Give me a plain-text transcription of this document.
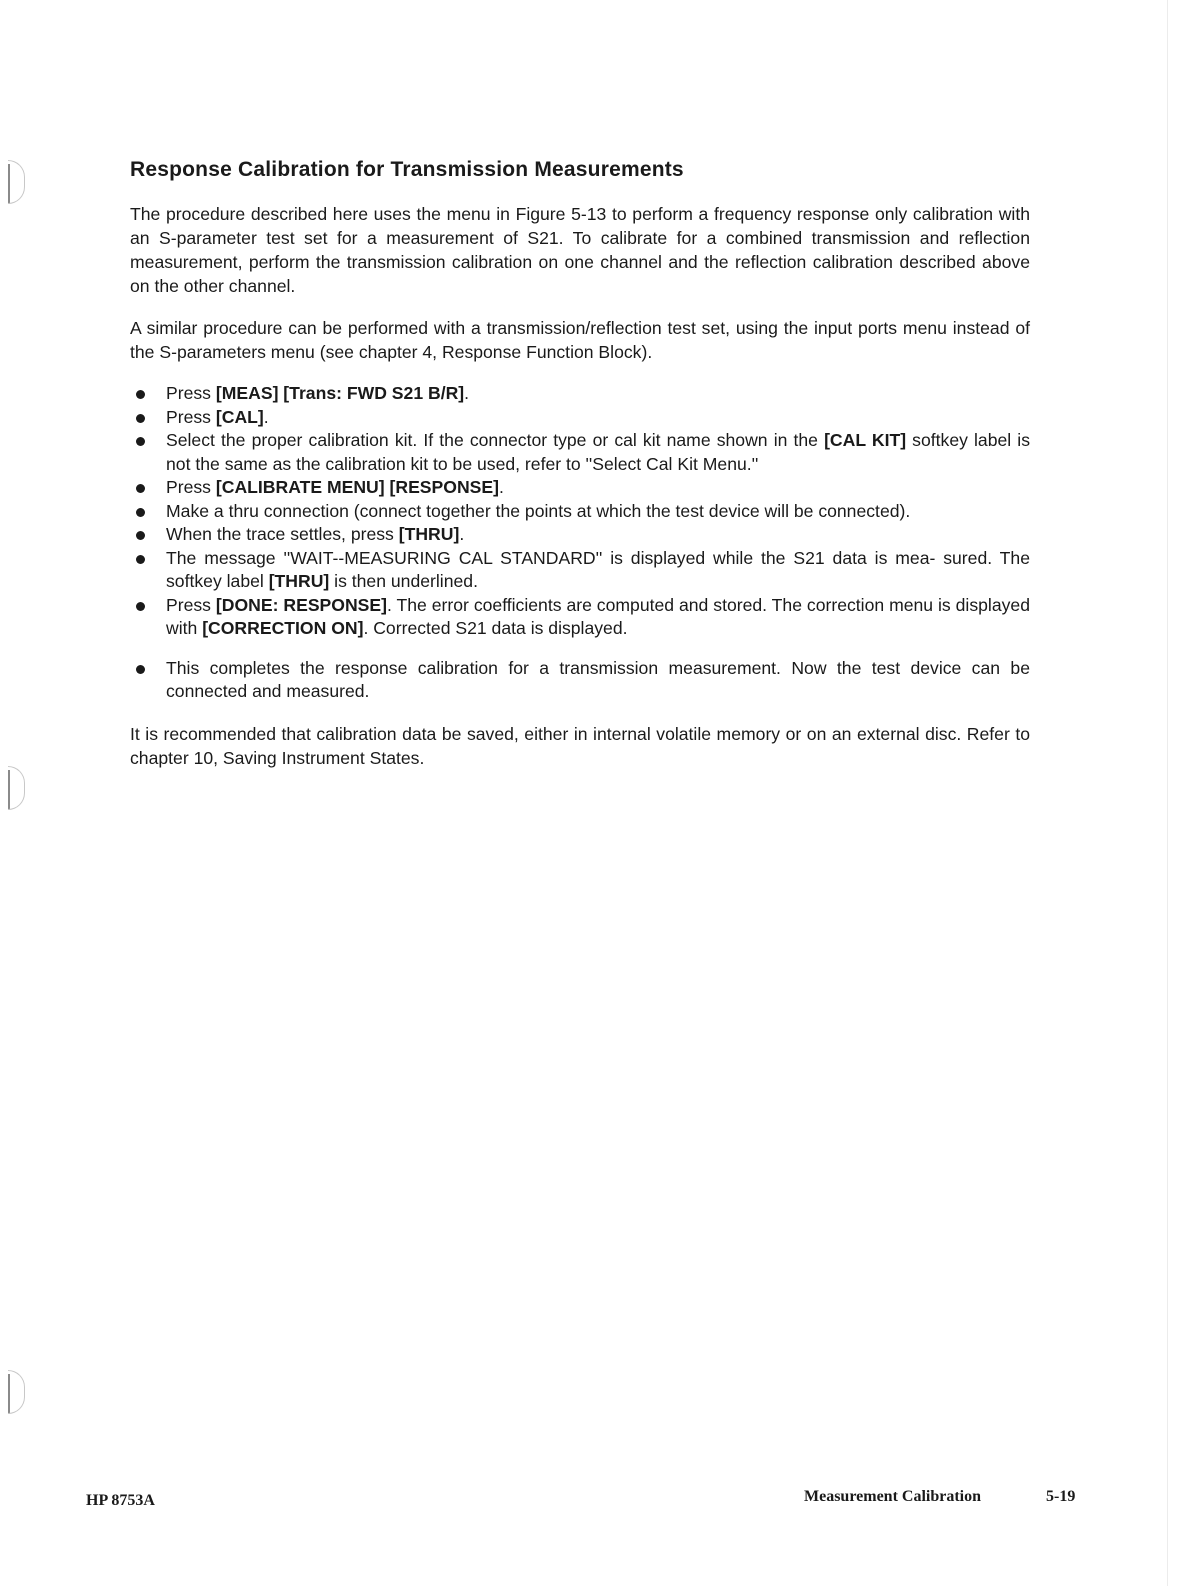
Response Calibration for Transmission Measurements

The procedure described here uses the menu in Figure 5-13 to perform a frequency response only calibration with an S-parameter test set for a measurement of S21. To calibrate for a combined transmission and reflection measurement, perform the transmission calibration on one channel and the reflection calibration described above on the other channel.

A similar procedure can be performed with a transmission/reflection test set, using the input ports menu instead of the S-parameters menu (see chapter 4, Response Function Block).

Press [MEAS] [Trans: FWD S21 B/R].
Press [CAL].
Select the proper calibration kit. If the connector type or cal kit name shown in the [CAL KIT] softkey label is not the same as the calibration kit to be used, refer to ''Select Cal Kit Menu.''
Press [CALIBRATE MENU] [RESPONSE].
Make a thru connection (connect together the points at which the test device will be connected).
When the trace settles, press [THRU].
The message ''WAIT--MEASURING CAL STANDARD'' is displayed while the S21 data is mea- sured. The softkey label [THRU] is then underlined.
Press [DONE: RESPONSE]. The error coefficients are computed and stored. The correction menu is displayed with [CORRECTION ON]. Corrected S21 data is displayed.
This completes the response calibration for a transmission measurement. Now the test device can be connected and measured.

It is recommended that calibration data be saved, either in internal volatile memory or on an external disc. Refer to chapter 10, Saving Instrument States.

HP 8753A	Measurement Calibration	5-19
